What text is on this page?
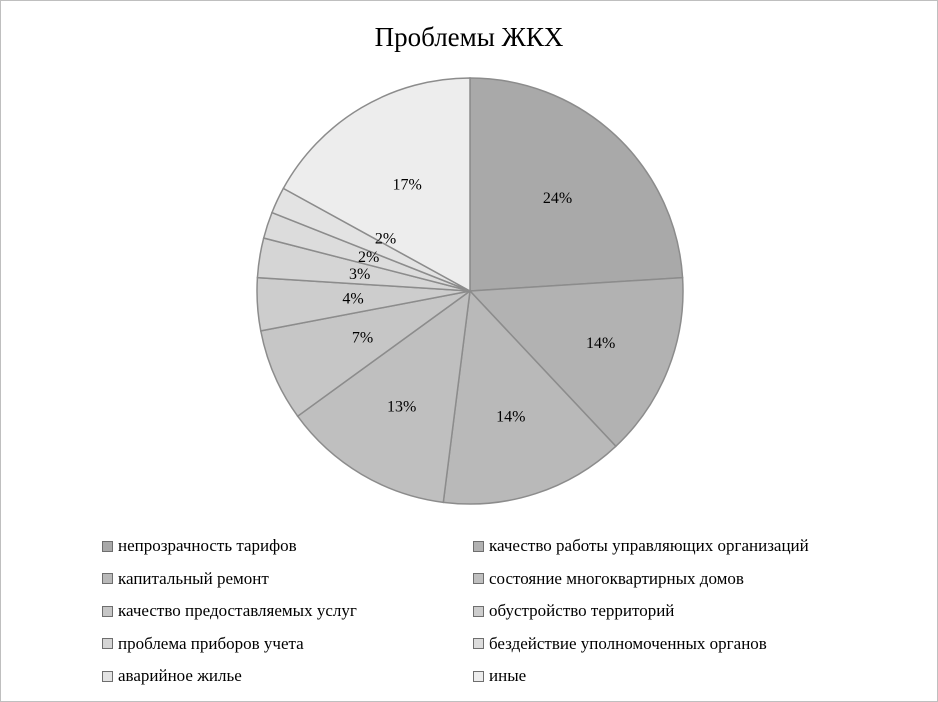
Проблемы ЖКХ
24%
14%
14%
13%
7%
4%
3%
2%
2%
17%
непрозрачность тарифов	качество работы управляющих организаций
капитальный ремонт	состояние многоквартирных домов
качество предоставляемых услуг	обустройство территорий
проблема приборов учета	бездействие уполномоченных органов
аварийное жилье	иные
